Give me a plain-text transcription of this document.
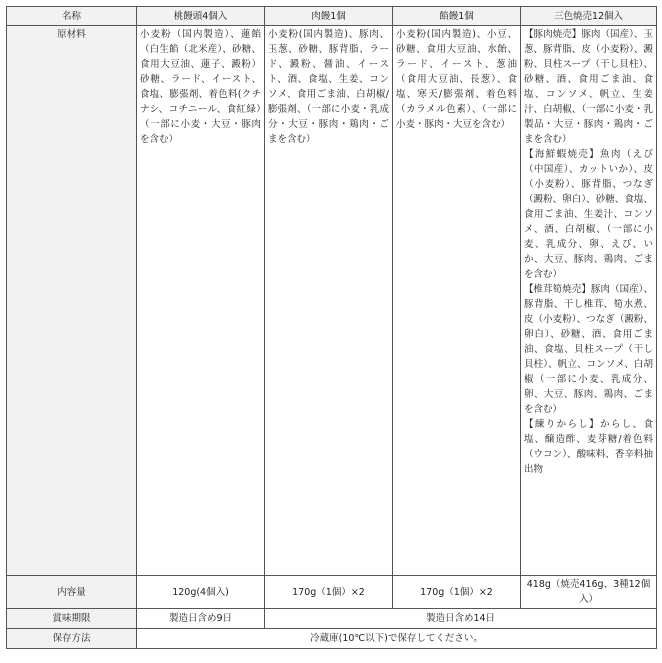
名称	桃饅頭4個入	肉饅1個	餡饅1個	三色焼売12個入
原材料	小麦粉（国内製造）、蓮餡（白生餡（北米産）、砂糖、食用大豆油、蓮子、澱粉）砂糖、ラード、イースト、食塩、膨張剤、着色料(クチナシ、コチニール、食紅緑）（一部に小麦・大豆・豚肉を含む）	小麦粉(国内製造)、豚肉、玉葱、砂糖、豚背脂、ラード、澱粉、醤油、イースト、酒、食塩、生姜、コンソメ、食用ごま油、白胡椒/膨張剤、（一部に小麦・乳成分・大豆・豚肉・鶏肉・ごまを含む）	小麦粉(国内製造)、小豆、砂糖、食用大豆油、水飴、ラード、イースト、葱油（食用大豆油、長葱）、食塩、寒天/膨張剤、着色料（カラメル色素）、（一部に小麦・豚肉・大豆を含む）	【豚肉焼売】豚肉（国産）、玉葱、豚背脂、皮（小麦粉）、澱粉、貝柱スープ（干し貝柱）、砂糖、酒、食用ごま油、食塩、コンソメ、帆立、生姜汁、白胡椒、（一部に小麦・乳製品・大豆・豚肉・鶏肉・ごまを含む）
【海鮮蝦焼売】魚肉（えび（中国産）、カットいか）、皮（小麦粉）、豚背脂、つなぎ（澱粉、卵白）、砂糖、食塩、食用ごま油、生姜汁、コンソメ、酒、白胡椒、（一部に小麦、乳成分、卵、えび、いか、大豆、豚肉、鶏肉、ごまを含む）
【椎茸筍焼売】豚肉（国産）、豚背脂、干し椎茸、筍水煮、皮（小麦粉）、つなぎ（澱粉、卵白）、砂糖、酒、食用ごま油、食塩、貝柱スープ（干し貝柱）、帆立、コンソメ、白胡椒（一部に小麦、乳成分、卵、大豆、豚肉、鶏肉、ごまを含む）
【練りからし】からし、食塩、醸造酢、麦芽糖/着色料（ウコン）、酸味料、香辛料抽出物

内容量	120g(4個入)	170g（1個）×2	170g（1個）×2	418g（焼売416g、3種12個入）
賞味期限	製造日含め9日	製造日含め14日		
保存方法	冷蔵庫(10℃以下)で保存してください。			
